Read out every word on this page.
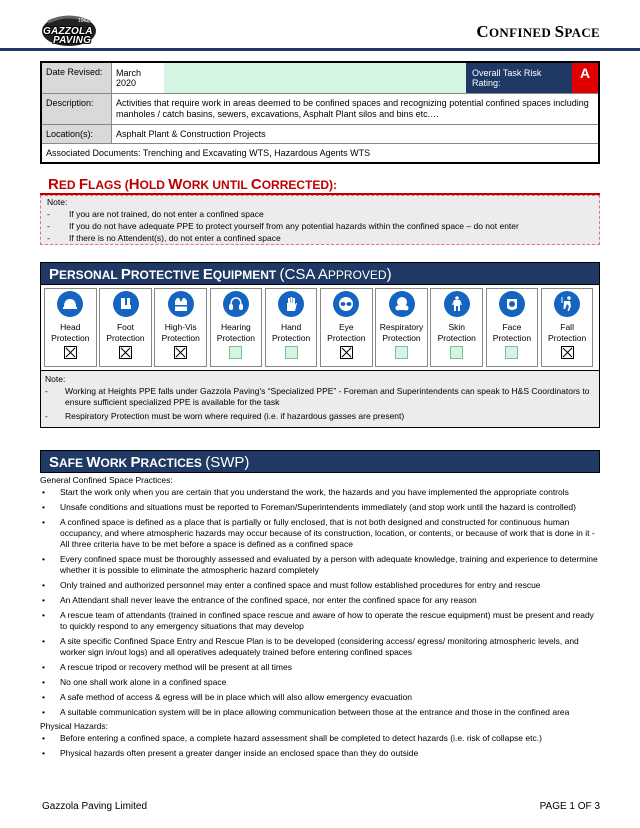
1962
GAZZOLA
PAVING	CONFINED SPACE
Date Revised:	March 2020
Overall Task Risk Rating:
A
Description:	Activities that require work in areas deemed to be confined spaces and recognizing potential confined spaces including manholes / catch basins, sewers, excavations, Asphalt Plant silos and bins etc.…
Location(s):	Asphalt Plant & Construction Projects
Associated Documents: Trenching and Excavating WTS, Hazardous Agents WTS
RED FLAGS (HOLD WORK UNTIL CORRECTED):
Note:
-	If you are not trained, do not enter a confined space
-	If you do not have adequate PPE to protect yourself from any potential hazards within the confined space – do not enter
-	If there is no Attendent(s), do not enter a confined space
PERSONAL PROTECTIVE EQUIPMENT (CSA APPROVED)
Head
Protection
Foot
Protection
High-Vis
Protection
Hearing
Protection
Hand
Protection
Eye
Protection
Respiratory
Protection
Skin
Protection
Face
Protection
Fall
Protection
Note:
-	Working at Heights PPE falls under Gazzola Paving's “Specialized PPE” - Foreman and Superintendents can speak to H&S Coordinators to ensure sufficient specialized PPE is available for the task
-	Respiratory Protection must be worn where required (i.e. if hazardous gasses are present)
SAFE WORK PRACTICES (SWP)
General Confined Space Practices:
•	Start the work only when you are certain that you understand the work, the hazards and you have implemented the appropriate controls
•	Unsafe conditions and situations must be reported to Foreman/Superintendents immediately (and stop work until the hazard is controlled)
•	A confined space is defined as a place that is partially or fully enclosed, that is not both designed and constructed for continuous human occupancy, and where atmospheric hazards may occur because of its construction, location, or contents, or because of work that is done in it - All three criteria have to be met before a space is defined as a confined space
•	Every confined space must be thoroughly assessed and evaluated by a person with adequate knowledge, training and experience to determine whether it is possible to eliminate the atmospheric hazard completely
•	Only trained and authorized personnel may enter a confined space and must follow established procedures for entry and rescue
•	An Attendant shall never leave the entrance of the confined space, nor enter the confined space for any reason
•	A rescue team of attendants (trained in confined space rescue and aware of how to operate the rescue equipment) must be present and ready to quickly respond to any emergency situations that may develop
•	A site specific Confined Space Entry and Rescue Plan is to be developed (considering access/ egress/ monitoring atmospheric levels, and worker sign in/out logs) and all operatives adequately trained before entering confined spaces
•	A rescue tripod or recovery method will be present at all times
•	No one shall work alone in a confined space
•	A safe method of access & egress will be in place which will also allow emergency evacuation
•	A suitable communication system will be in place allowing communication between those at the entrance and those in the confined area
Physical Hazards:
•	Before entering a confined space, a complete hazard assessment shall be completed to detect hazards (i.e. risk of collapse etc.)
•	Physical hazards often present a greater danger inside an enclosed space than they do outside
Gazzola Paving Limited	PAGE 1 OF 3
